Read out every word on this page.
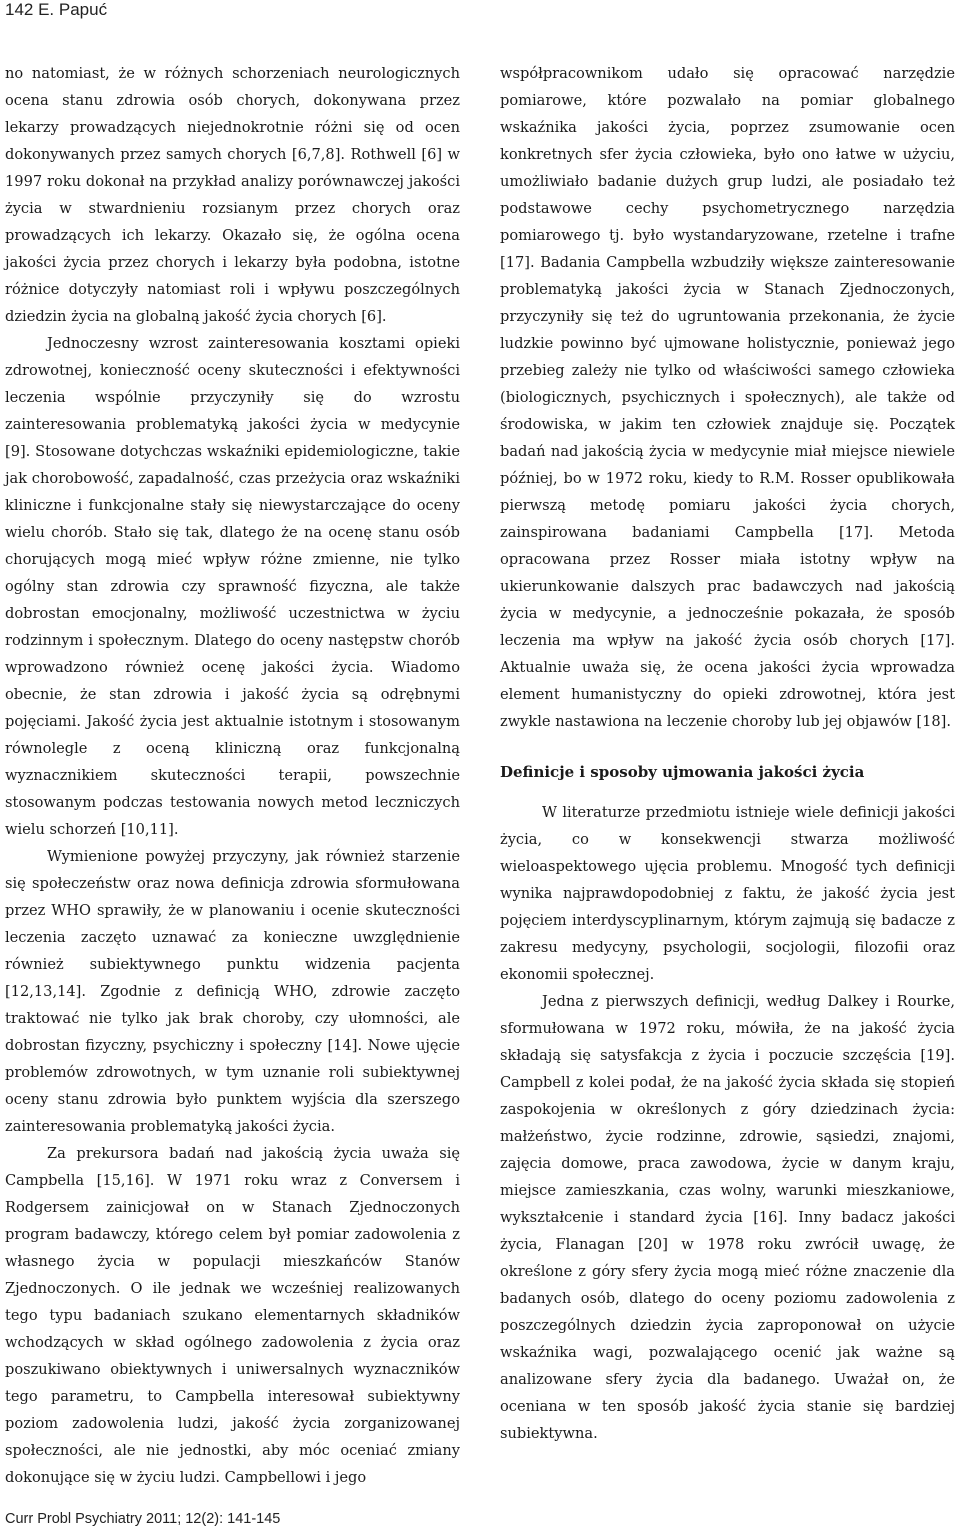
142 E. Papuć

no natomiast, że w różnych schorzeniach neurologicznych ocena stanu zdrowia osób chorych, dokonywana przez lekarzy prowadzących niejednokrotnie różni się od ocen dokonywanych przez samych chorych [6,7,8]. Rothwell [6] w 1997 roku dokonał na przykład analizy porównawczej jakości życia w stwardnieniu rozsianym przez chorych oraz prowadzących ich lekarzy. Okazało się, że ogólna ocena jakości życia przez chorych i lekarzy była podobna, istotne różnice dotyczyły natomiast roli i wpływu poszczególnych dziedzin życia na globalną jakość życia chorych [6].

Jednoczesny wzrost zainteresowania kosztami opieki zdrowotnej, konieczność oceny skuteczności i efektywności leczenia wspólnie przyczyniły się do wzrostu zainteresowania problematyką jakości życia w medycynie [9]. Stosowane dotychczas wskaźniki epidemiologiczne, takie jak chorobowość, zapadalność, czas przeżycia oraz wskaźniki kliniczne i funkcjonalne stały się niewystarczające do oceny wielu chorób. Stało się tak, dlatego że na ocenę stanu osób chorujących mogą mieć wpływ różne zmienne, nie tylko ogólny stan zdrowia czy sprawność fizyczna, ale także dobrostan emocjonalny, możliwość uczestnictwa w życiu rodzinnym i społecznym. Dlatego do oceny następstw chorób wprowadzono również ocenę jakości życia. Wiadomo obecnie, że stan zdrowia i jakość życia są odrębnymi pojęciami. Jakość życia jest aktualnie istotnym i stosowanym równolegle z oceną kliniczną oraz funkcjonalną wyznacznikiem skuteczności terapii, powszechnie stosowanym podczas testowania nowych metod leczniczych wielu schorzeń [10,11].

Wymienione powyżej przyczyny, jak również starzenie się społeczeństw oraz nowa definicja zdrowia sformułowana przez WHO sprawiły, że w planowaniu i ocenie skuteczności leczenia zaczęto uznawać za konieczne uwzględnienie również subiektywnego punktu widzenia pacjenta [12,13,14]. Zgodnie z definicją WHO, zdrowie zaczęto traktować nie tylko jak brak choroby, czy ułomności, ale dobrostan fizyczny, psychiczny i społeczny [14]. Nowe ujęcie problemów zdrowotnych, w tym uznanie roli subiektywnej oceny stanu zdrowia było punktem wyjścia dla szerszego zainteresowania problematyką jakości życia.

Za prekursora badań nad jakością życia uważa się Campbella [15,16]. W 1971 roku wraz z Conversem i Rodgersem zainicjował on w Stanach Zjednoczonych program badawczy, którego celem był pomiar zadowolenia z własnego życia w populacji mieszkańców Stanów Zjednoczonych. O ile jednak we wcześniej realizowanych tego typu badaniach szukano elementarnych składników wchodzących w skład ogólnego zadowolenia z życia oraz poszukiwano obiektywnych i uniwersalnych wyznaczników tego parametru, to Campbella interesował subiektywny poziom zadowolenia ludzi, jakość życia zorganizowanej społeczności, ale nie jednostki, aby móc oceniać zmiany dokonujące się w życiu ludzi. Campbellowi i jego

współpracownikom udało się opracować narzędzie pomiarowe, które pozwalało na pomiar globalnego wskaźnika jakości życia, poprzez zsumowanie ocen konkretnych sfer życia człowieka, było ono łatwe w użyciu, umożliwiało badanie dużych grup ludzi, ale posiadało też podstawowe cechy psychometrycznego narzędzia pomiarowego tj. było wystandaryzowane, rzetelne i trafne [17]. Badania Campbella wzbudziły większe zainteresowanie problematyką jakości życia w Stanach Zjednoczonych, przyczyniły się też do ugruntowania przekonania, że życie ludzkie powinno być ujmowane holistycznie, ponieważ jego przebieg zależy nie tylko od właściwości samego człowieka (biologicznych, psychicznych i społecznych), ale także od środowiska, w jakim ten człowiek znajduje się. Początek badań nad jakością życia w medycynie miał miejsce niewiele później, bo w 1972 roku, kiedy to R.M. Rosser opublikowała pierwszą metodę pomiaru jakości życia chorych, zainspirowana badaniami Campbella [17]. Metoda opracowana przez Rosser miała istotny wpływ na ukierunkowanie dalszych prac badawczych nad jakością życia w medycynie, a jednocześnie pokazała, że sposób leczenia ma wpływ na jakość życia osób chorych [17]. Aktualnie uważa się, że ocena jakości życia wprowadza element humanistyczny do opieki zdrowotnej, która jest zwykle nastawiona na leczenie choroby lub jej objawów [18].

Definicje i sposoby ujmowania jakości życia

W literaturze przedmiotu istnieje wiele definicji jakości życia, co w konsekwencji stwarza możliwość wieloaspektowego ujęcia problemu. Mnogość tych definicji wynika najprawdopodobniej z faktu, że jakość życia jest pojęciem interdyscyplinarnym, którym zajmują się badacze z zakresu medycyny, psychologii, socjologii, filozofii oraz ekonomii społecznej.

Jedna z pierwszych definicji, według Dalkey i Rourke, sformułowana w 1972 roku, mówiła, że na jakość życia składają się satysfakcja z życia i poczucie szczęścia [19]. Campbell z kolei podał, że na jakość życia składa się stopień zaspokojenia w określonych z góry dziedzinach życia: małżeństwo, życie rodzinne, zdrowie, sąsiedzi, znajomi, zajęcia domowe, praca zawodowa, życie w danym kraju, miejsce zamieszkania, czas wolny, warunki mieszkaniowe, wykształcenie i standard życia [16]. Inny badacz jakości życia, Flanagan [20] w 1978 roku zwrócił uwagę, że określone z góry sfery życia mogą mieć różne znaczenie dla badanych osób, dlatego do oceny poziomu zadowolenia z poszczególnych dziedzin życia zaproponował on użycie wskaźnika wagi, pozwalającego ocenić jak ważne są analizowane sfery życia dla badanego. Uważał on, że oceniana w ten sposób jakość życia stanie się bardziej subiektywna.

Curr Probl Psychiatry 2011; 12(2): 141-145
